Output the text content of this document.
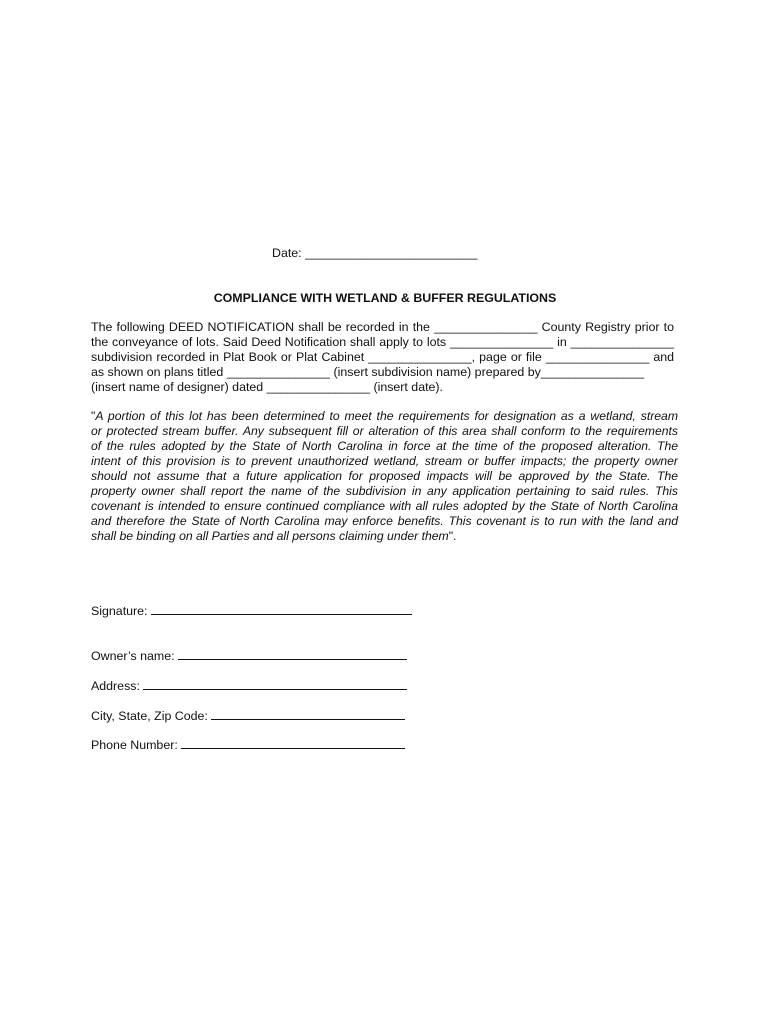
Date: _________________________
COMPLIANCE WITH WETLAND & BUFFER REGULATIONS
The following DEED NOTIFICATION shall be recorded in the _______________ County Registry prior to
the conveyance of lots. Said Deed Notification shall apply to lots _______________ in _______________
subdivision recorded in Plat Book or Plat Cabinet _______________, page or file _______________ and
as shown on plans titled _______________ (insert subdivision name) prepared by_______________
(insert name of designer) dated _______________ (insert date).
"A portion of this lot has been determined to meet the requirements for designation as a wetland, stream
or protected stream buffer. Any subsequent fill or alteration of this area shall conform to the requirements
of the rules adopted by the State of North Carolina in force at the time of the proposed alteration. The
intent of this provision is to prevent unauthorized wetland, stream or buffer impacts; the property owner
should not assume that a future application for proposed impacts will be approved by the State. The
property owner shall report the name of the subdivision in any application pertaining to said rules. This
covenant is intended to ensure continued compliance with all rules adopted by the State of North Carolina
and therefore the State of North Carolina may enforce benefits. This covenant is to run with the land and
shall be binding on all Parties and all persons claiming under them".
Signature:
Owner’s name:
Address:
City, State, Zip Code:
Phone Number:
